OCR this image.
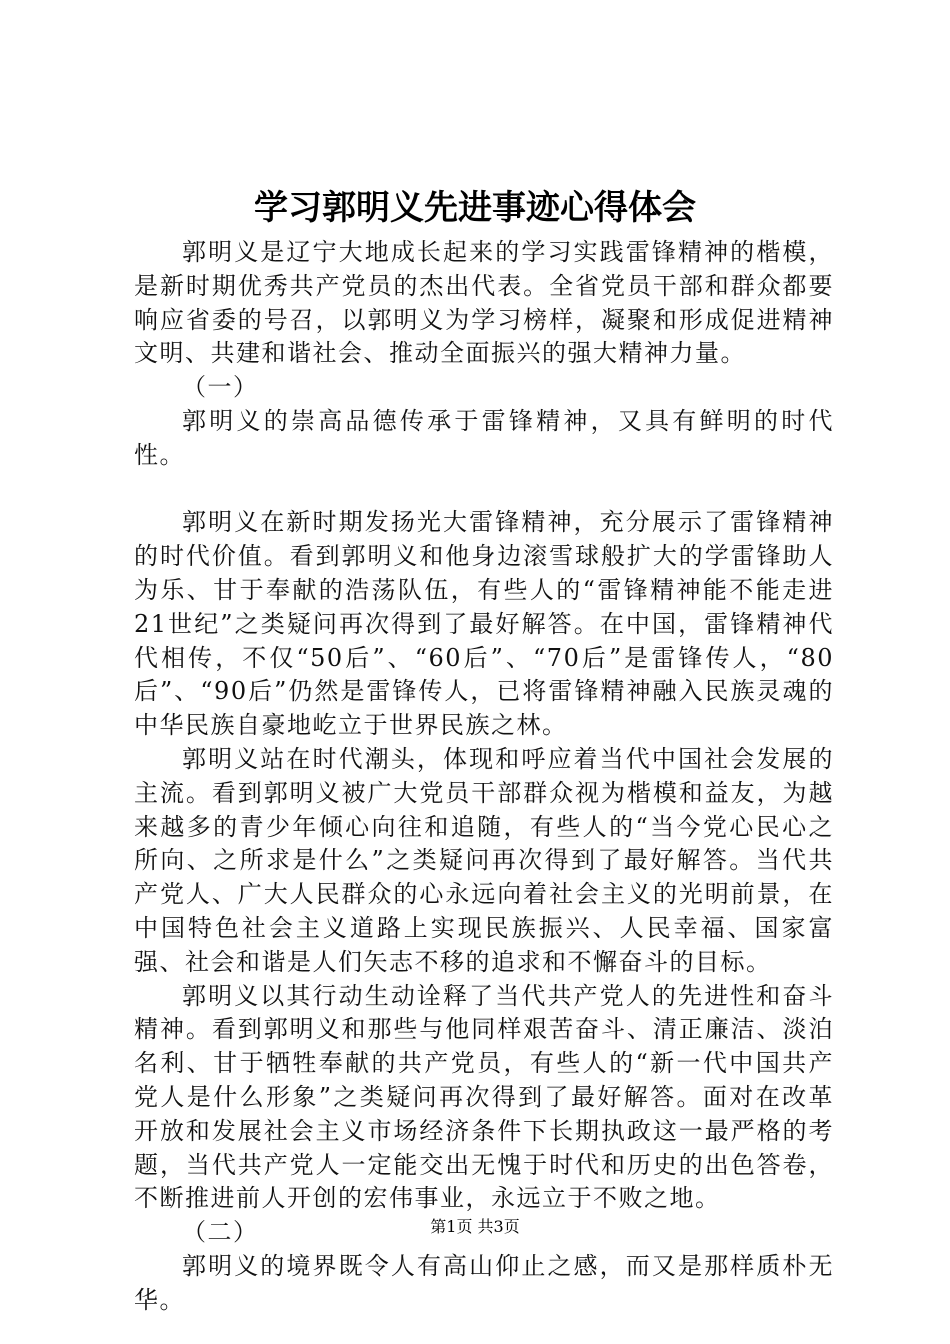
学习郭明义先进事迹心得体会

郭明义是辽宁大地成长起来的学习实践雷锋精神的楷模，是新时期优秀共产党员的杰出代表。全省党员干部和群众都要响应省委的号召，以郭明义为学习榜样，凝聚和形成促进精神文明、共建和谐社会、推动全面振兴的强大精神力量。

（一）

郭明义的崇高品德传承于雷锋精神，又具有鲜明的时代性。

郭明义在新时期发扬光大雷锋精神，充分展示了雷锋精神的时代价值。看到郭明义和他身边滚雪球般扩大的学雷锋助人为乐、甘于奉献的浩荡队伍，有些人的“雷锋精神能不能走进21世纪”之类疑问再次得到了最好解答。在中国，雷锋精神代代相传，不仅“50后”、“60后”、“70后”是雷锋传人，“80后”、“90后”仍然是雷锋传人，已将雷锋精神融入民族灵魂的中华民族自豪地屹立于世界民族之林。

郭明义站在时代潮头，体现和呼应着当代中国社会发展的主流。看到郭明义被广大党员干部群众视为楷模和益友，为越来越多的青少年倾心向往和追随，有些人的“当今党心民心之所向、之所求是什么”之类疑问再次得到了最好解答。当代共产党人、广大人民群众的心永远向着社会主义的光明前景，在中国特色社会主义道路上实现民族振兴、人民幸福、国家富强、社会和谐是人们矢志不移的追求和不懈奋斗的目标。

郭明义以其行动生动诠释了当代共产党人的先进性和奋斗精神。看到郭明义和那些与他同样艰苦奋斗、清正廉洁、淡泊名利、甘于牺牲奉献的共产党员，有些人的“新一代中国共产党人是什么形象”之类疑问再次得到了最好解答。面对在改革开放和发展社会主义市场经济条件下长期执政这一最严格的考题，当代共产党人一定能交出无愧于时代和历史的出色答卷，不断推进前人开创的宏伟事业，永远立于不败之地。

（二）

郭明义的境界既令人有高山仰止之感，而又是那样质朴无华。

第1页 共3页
